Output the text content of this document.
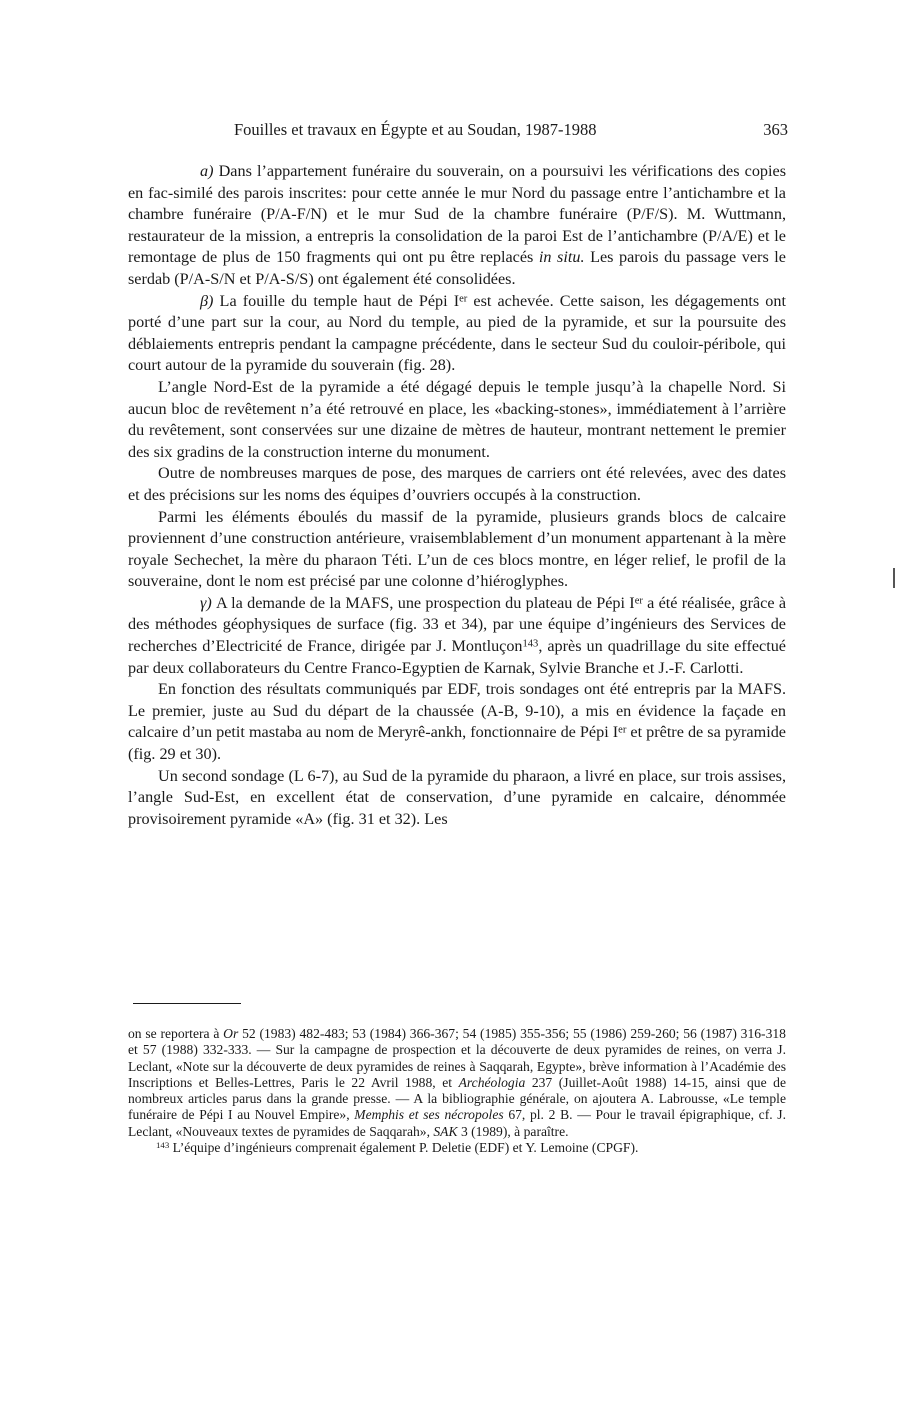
Fouilles et travaux en Égypte et au Soudan, 1987-1988	363

a) Dans l’appartement funéraire du souverain, on a poursuivi les vérifications des copies en fac-similé des parois inscrites: pour cette année le mur Nord du passage entre l’antichambre et la chambre funéraire (P/A-F/N) et le mur Sud de la chambre funéraire (P/F/S). M. Wuttmann, restaurateur de la mission, a entrepris la consolidation de la paroi Est de l’antichambre (P/A/E) et le remontage de plus de 150 fragments qui ont pu être replacés in situ. Les parois du passage vers le serdab (P/A-S/N et P/A-S/S) ont également été consolidées.

β) La fouille du temple haut de Pépi Ier est achevée. Cette saison, les dégagements ont porté d’une part sur la cour, au Nord du temple, au pied de la pyramide, et sur la poursuite des déblaiements entrepris pendant la campagne précédente, dans le secteur Sud du couloir-péribole, qui court autour de la pyramide du souverain (fig. 28).

L’angle Nord-Est de la pyramide a été dégagé depuis le temple jusqu’à la chapelle Nord. Si aucun bloc de revêtement n’a été retrouvé en place, les «backing-stones», immédiatement à l’arrière du revêtement, sont conservées sur une dizaine de mètres de hauteur, montrant nettement le premier des six gradins de la construction interne du monument.

Outre de nombreuses marques de pose, des marques de carriers ont été relevées, avec des dates et des précisions sur les noms des équipes d’ouvriers occupés à la construction.

Parmi les éléments éboulés du massif de la pyramide, plusieurs grands blocs de calcaire proviennent d’une construction antérieure, vraisemblablement d’un monument appartenant à la mère royale Sechechet, la mère du pharaon Téti. L’un de ces blocs montre, en léger relief, le profil de la souveraine, dont le nom est précisé par une colonne d’hiéroglyphes.

γ) A la demande de la MAFS, une prospection du plateau de Pépi Ier a été réalisée, grâce à des méthodes géophysiques de surface (fig. 33 et 34), par une équipe d’ingénieurs des Services de recherches d’Electricité de France, dirigée par J. Montluçon$^{143}$, après un quadrillage du site effectué par deux collaborateurs du Centre Franco-Egyptien de Karnak, Sylvie Branche et J.-F. Carlotti.

En fonction des résultats communiqués par EDF, trois sondages ont été entrepris par la MAFS. Le premier, juste au Sud du départ de la chaussée (A-B, 9-10), a mis en évidence la façade en calcaire d’un petit mastaba au nom de Meryrê-ankh, fonctionnaire de Pépi Ier et prêtre de sa pyramide (fig. 29 et 30).

Un second sondage (L 6-7), au Sud de la pyramide du pharaon, a livré en place, sur trois assises, l’angle Sud-Est, en excellent état de conservation, d’une pyramide en calcaire, dénommée provisoirement pyramide «A» (fig. 31 et 32). Les

on se reportera à Or 52 (1983) 482-483; 53 (1984) 366-367; 54 (1985) 355-356; 55 (1986) 259-260; 56 (1987) 316-318 et 57 (1988) 332-333. — Sur la campagne de prospection et la découverte de deux pyramides de reines, on verra J. Leclant, «Note sur la découverte de deux pyramides de reines à Saqqarah, Egypte», brève information à l’Académie des Inscriptions et Belles-Lettres, Paris le 22 Avril 1988, et Archéologia 237 (Juillet-Août 1988) 14-15, ainsi que de nombreux articles parus dans la grande presse. — A la bibliographie générale, on ajoutera A. Labrousse, «Le temple funéraire de Pépi I au Nouvel Empire», Memphis et ses nécropoles 67, pl. 2 B. — Pour le travail épigraphique, cf. J. Leclant, «Nouveaux textes de pyramides de Saqqarah», SAK 3 (1989), à paraître.

$^{143}$ L’équipe d’ingénieurs comprenait également P. Deletie (EDF) et Y. Lemoine (CPGF).
